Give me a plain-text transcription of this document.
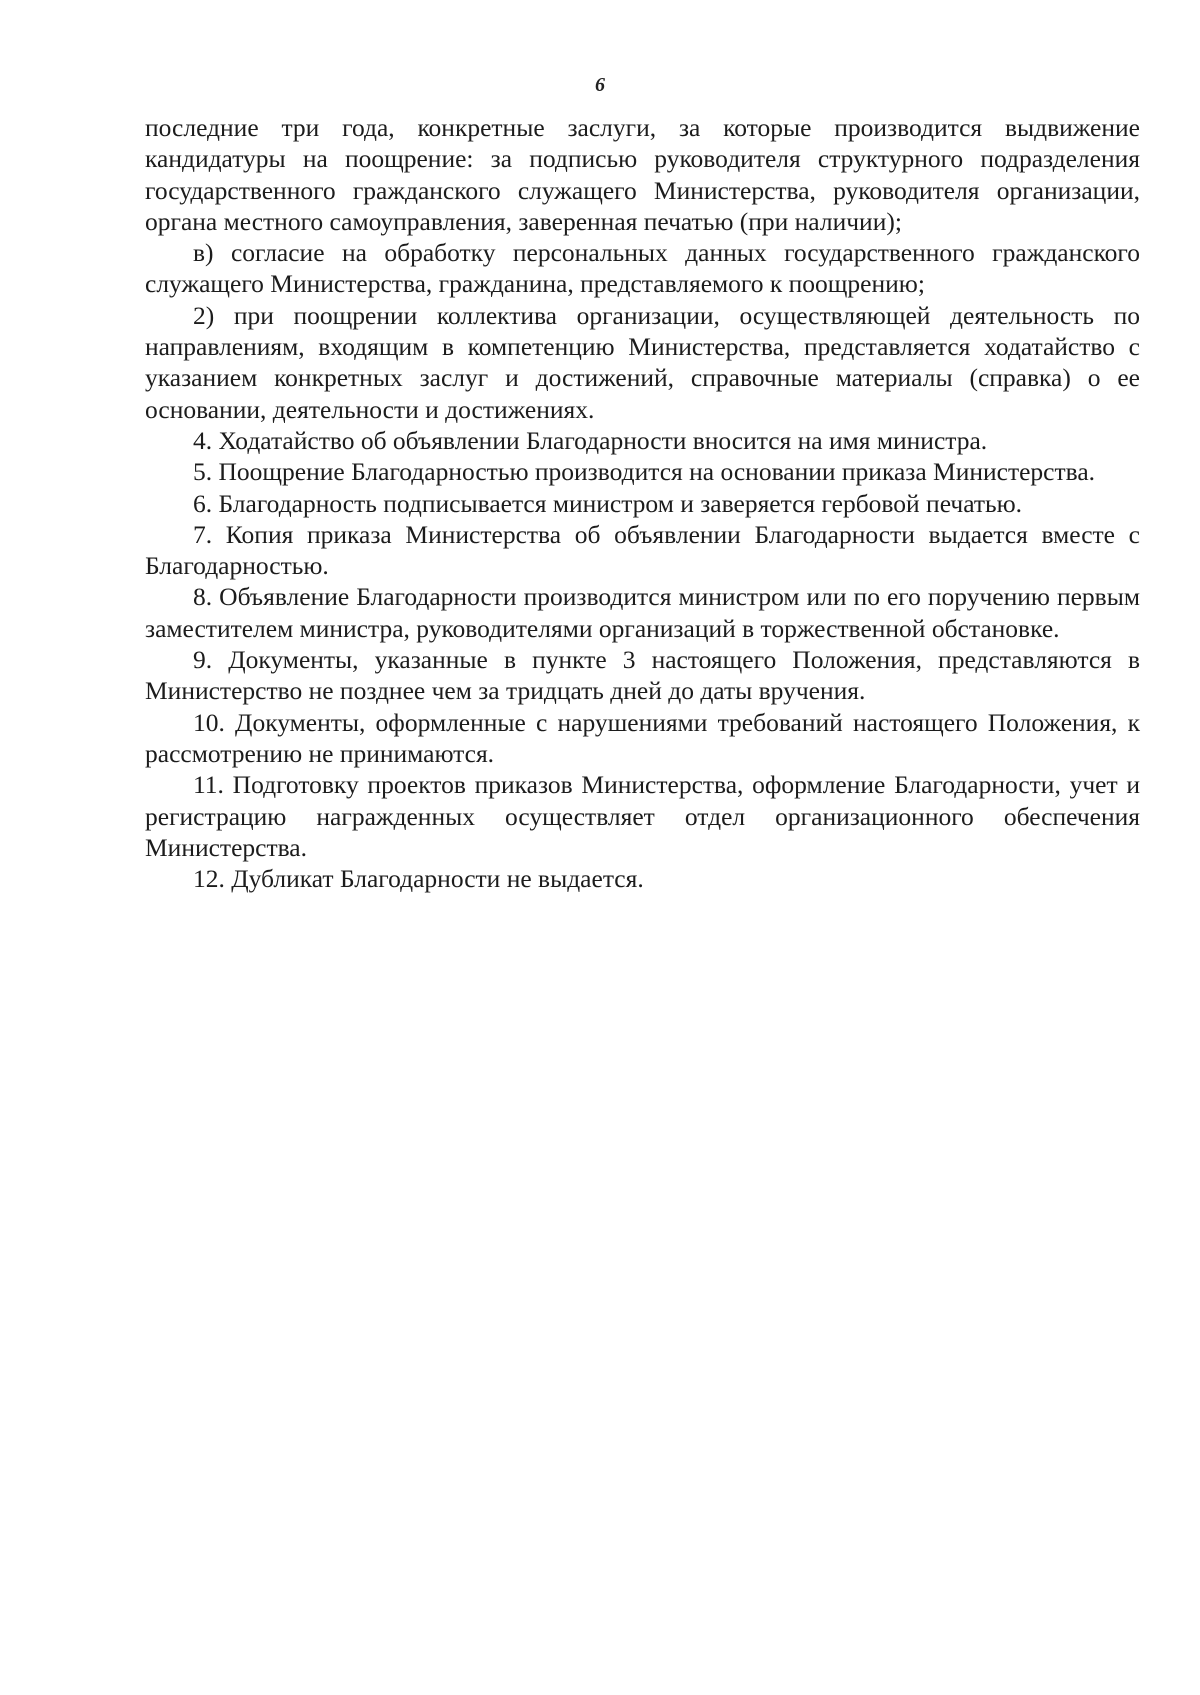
6

последние три года, конкретные заслуги, за которые производится выдвижение кандидатуры на поощрение: за подписью руководителя структурного подразделения государственного гражданского служащего Министерства, руководителя организации, органа местного самоуправления, заверенная печатью (при наличии);

в) согласие на обработку персональных данных государственного гражданского служащего Министерства, гражданина, представляемого к поощрению;

2) при поощрении коллектива организации, осуществляющей деятельность по направлениям, входящим в компетенцию Министерства, представляется ходатайство с указанием конкретных заслуг и достижений, справочные материалы (справка) о ее основании, деятельности и достижениях.

4. Ходатайство об объявлении Благодарности вносится на имя министра.

5. Поощрение Благодарностью производится на основании приказа Министерства.

6. Благодарность подписывается министром и заверяется гербовой печатью.

7. Копия приказа Министерства об объявлении Благодарности выдается вместе с Благодарностью.

8. Объявление Благодарности производится министром или по его поручению первым заместителем министра, руководителями организаций в торжественной обстановке.

9. Документы, указанные в пункте 3 настоящего Положения, представляются в Министерство не позднее чем за тридцать дней до даты вручения.

10. Документы, оформленные с нарушениями требований настоящего Положения, к рассмотрению не принимаются.

11. Подготовку проектов приказов Министерства, оформление Благодарности, учет и регистрацию награжденных осуществляет отдел организационного обеспечения Министерства.

12. Дубликат Благодарности не выдается.
